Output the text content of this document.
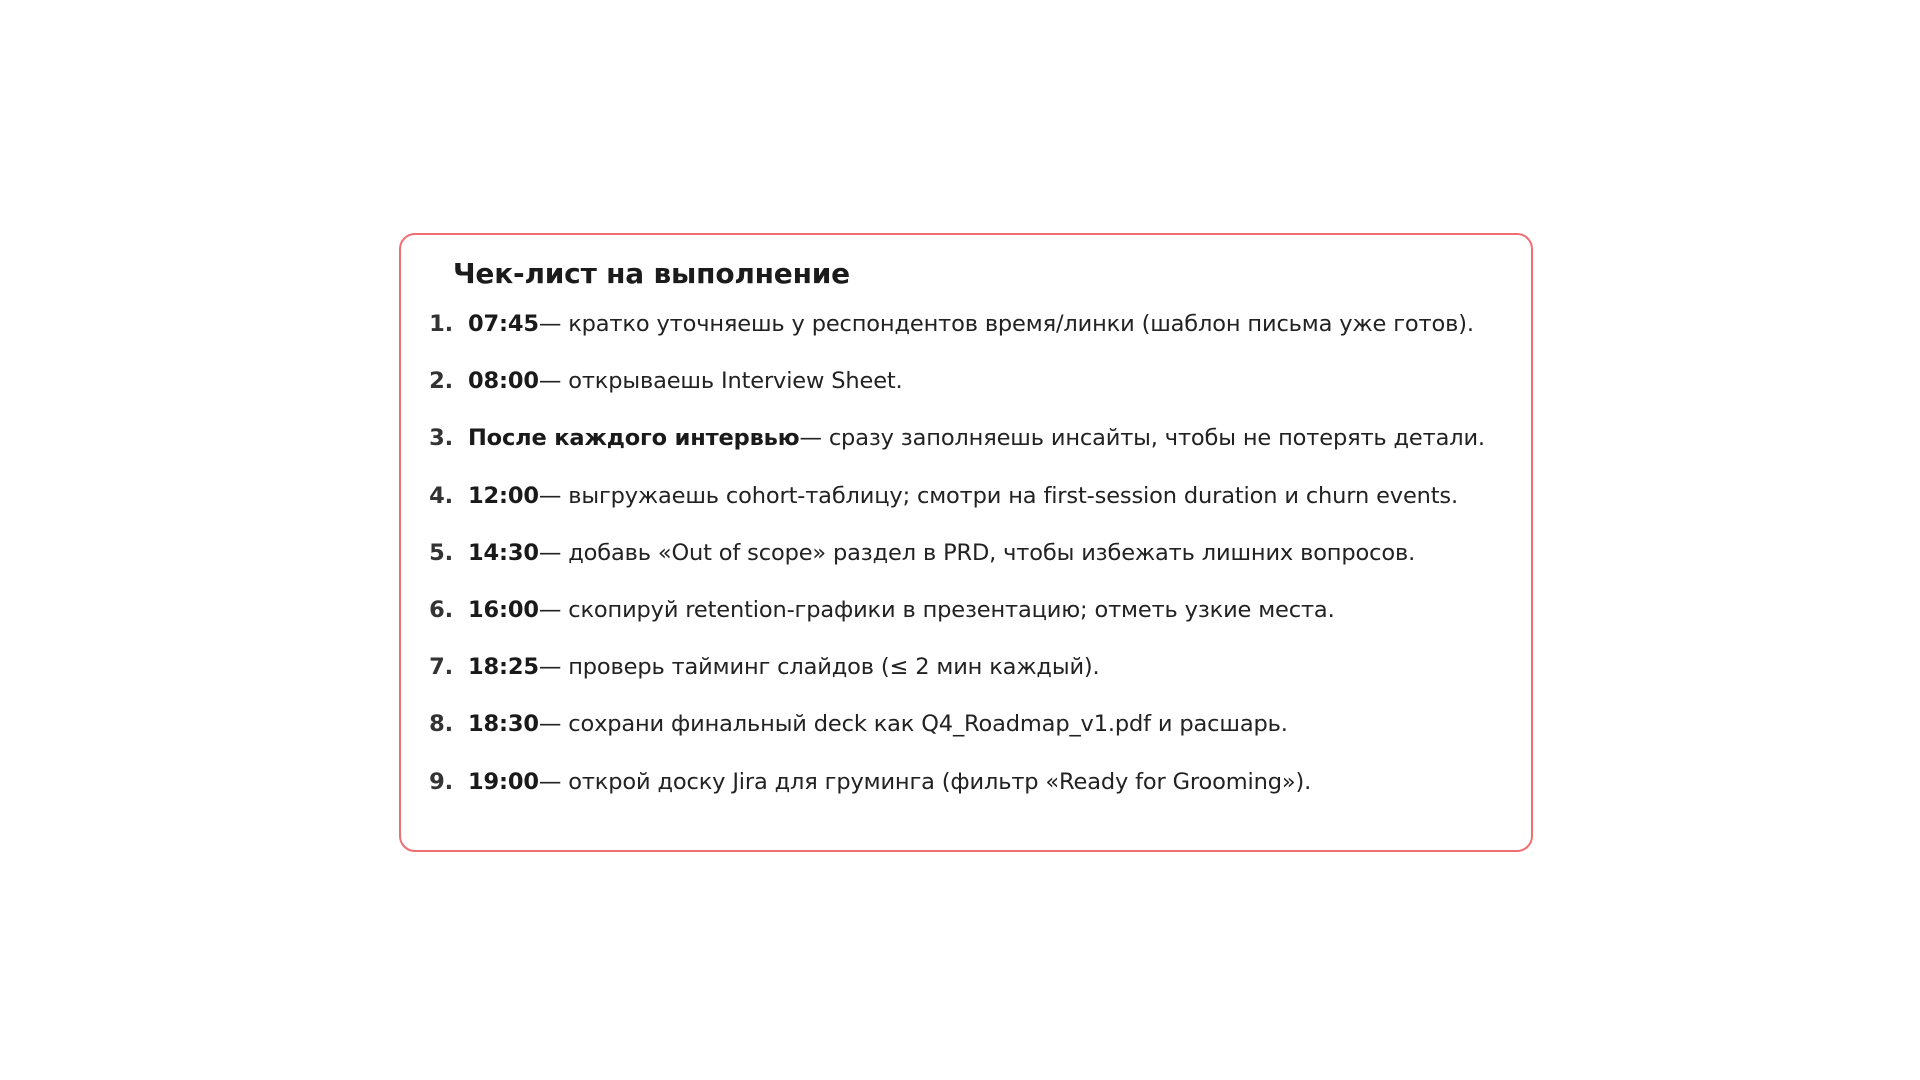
Чек-лист на выполнение
1. 07:45 — кратко уточняешь у респондентов время/линки (шаблон письма уже готов).
2. 08:00 — открываешь Interview Sheet.
3. После каждого интервью — сразу заполняешь инсайты, чтобы не потерять детали.
4. 12:00 — выгружаешь cohort-таблицу; смотри на first-session duration и churn events.
5. 14:30 — добавь «Out of scope» раздел в PRD, чтобы избежать лишних вопросов.
6. 16:00 — скопируй retention-графики в презентацию; отметь узкие места.
7. 18:25 — проверь тайминг слайдов (≤ 2 мин каждый).
8. 18:30 — сохрани финальный deck как Q4_Roadmap_v1.pdf и расшарь.
9. 19:00 — открой доску Jira для груминга (фильтр «Ready for Grooming»).
